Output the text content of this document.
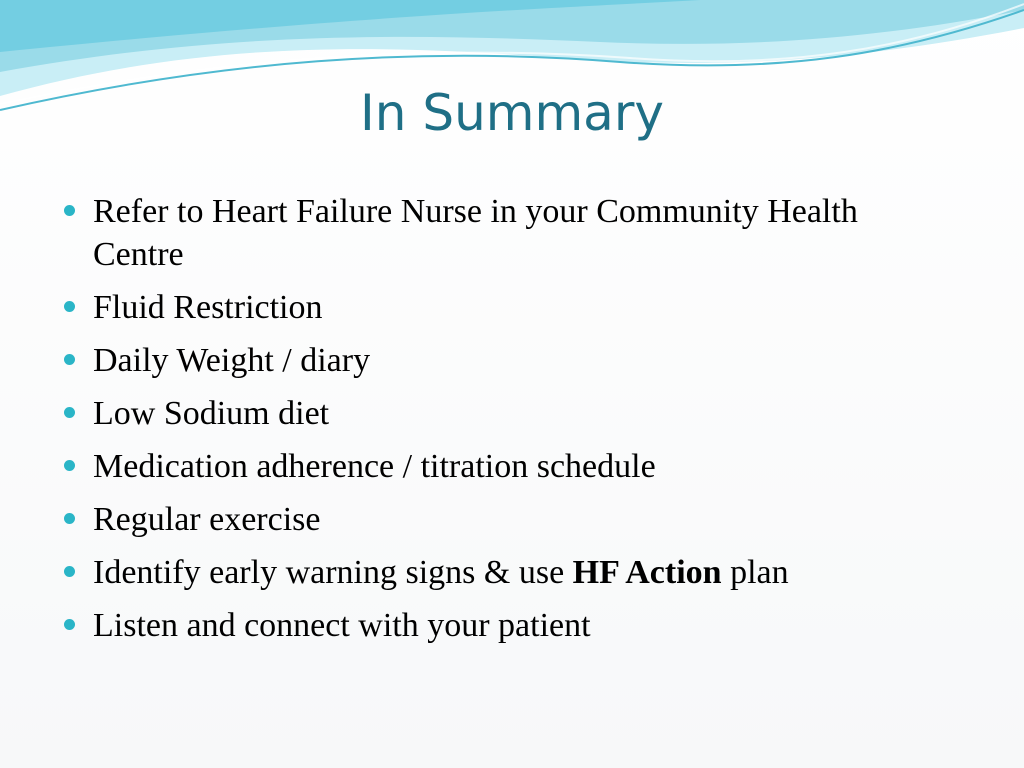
In Summary
Refer to Heart Failure Nurse in your Community Health Centre
Fluid Restriction
Daily Weight / diary
Low Sodium diet
Medication adherence / titration schedule
Regular exercise
Identify early warning signs & use HF Action plan
Listen and connect with your patient
